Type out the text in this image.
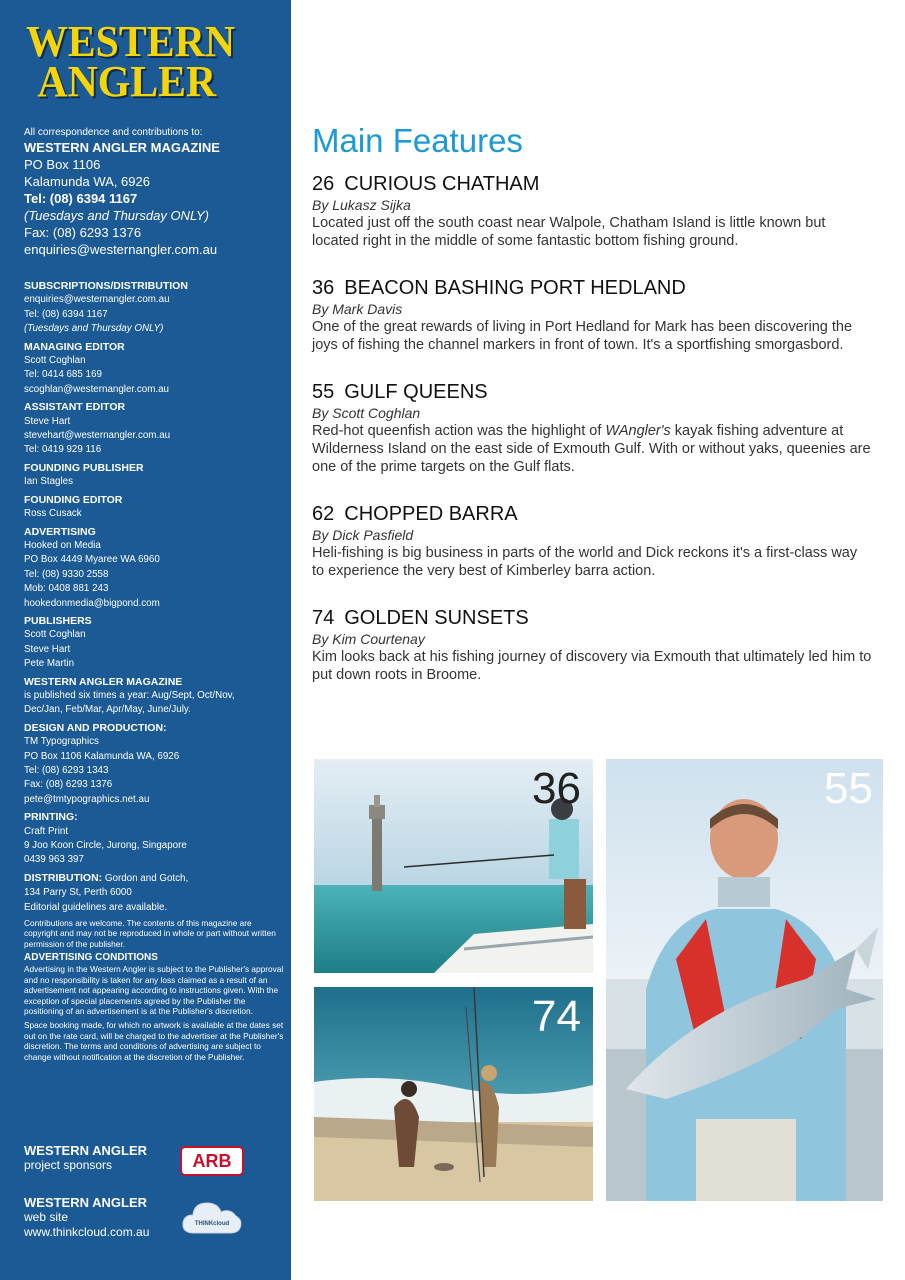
WESTERN
ANGLER
All correspondence and contributions to:
WESTERN ANGLER MAGAZINE
PO Box 1106
Kalamunda WA, 6926
Tel: (08) 6394 1167
(Tuesdays and Thursday ONLY)
Fax: (08) 6293 1376
enquiries@westernangler.com.au
SUBSCRIPTIONS/DISTRIBUTION
enquiries@westernangler.com.au
Tel: (08) 6394 1167
(Tuesdays and Thursday ONLY)
MANAGING EDITOR
Scott Coghlan
Tel: 0414 685 169
scoghlan@westernangler.com.au
ASSISTANT EDITOR
Steve Hart
stevehart@westernangler.com.au
Tel: 0419 929 116
FOUNDING PUBLISHER
Ian Stagles
FOUNDING EDITOR
Ross Cusack
ADVERTISING
Hooked on Media
PO Box 4449 Myaree WA 6960
Tel: (08) 9330 2558
Mob: 0408 881 243
hookedonmedia@bigpond.com
PUBLISHERS
Scott Coghlan
Steve Hart
Pete Martin
WESTERN ANGLER MAGAZINE
is published six times a year: Aug/Sept, Oct/Nov,
Dec/Jan, Feb/Mar, Apr/May, June/July.
DESIGN AND PRODUCTION:
TM Typographics
PO Box 1106 Kalamunda WA, 6926
Tel: (08) 6293 1343
Fax: (08) 6293 1376
pete@tmtypographics.net.au
PRINTING:
Craft Print
9 Joo Koon Circle, Jurong, Singapore
0439 963 397
DISTRIBUTION: Gordon and Gotch,
134 Parry St, Perth 6000
Editorial guidelines are available.
Contributions are welcome. The contents of this magazine are copyright and may not be reproduced in whole or part without written permission of the publisher.
ADVERTISING CONDITIONS
Advertising in the Western Angler is subject to the Publisher's approval and no responsibility is taken for any loss claimed as a result of an advertisement not appearing according to instructions given. With the exception of special placements agreed by the Publisher the positioning of an advertisement is at the Publisher's discretion.
Space booking made, for which no artwork is available at the dates set out on the rate card, will be charged to the advertiser at the Publisher's discretion. The terms and conditions of advertising are subject to change without notification at the discretion of the Publisher.
WESTERN ANGLER
project sponsors
WESTERN ANGLER
web site
www.thinkcloud.com.au
ARB
THINKcloud
Main Features
26 CURIOUS CHATHAM
By Lukasz Sijka
Located just off the south coast near Walpole, Chatham Island is little known but located right in the middle of some fantastic bottom fishing ground.
36 BEACON BASHING PORT HEDLAND
By Mark Davis
One of the great rewards of living in Port Hedland for Mark has been discovering the joys of fishing the channel markers in front of town. It's a sportfishing smorgasbord.
55 GULF QUEENS
By Scott Coghlan
Red-hot queenfish action was the highlight of WAngler's kayak fishing adventure at Wilderness Island on the east side of Exmouth Gulf. With or without yaks, queenies are one of the prime targets on the Gulf flats.
62 CHOPPED BARRA
By Dick Pasfield
Heli-fishing is big business in parts of the world and Dick reckons it's a first-class way to experience the very best of Kimberley barra action.
74 GOLDEN SUNSETS
By Kim Courtenay
Kim looks back at his fishing journey of discovery via Exmouth that ultimately led him to put down roots in Broome.
36	55
74
